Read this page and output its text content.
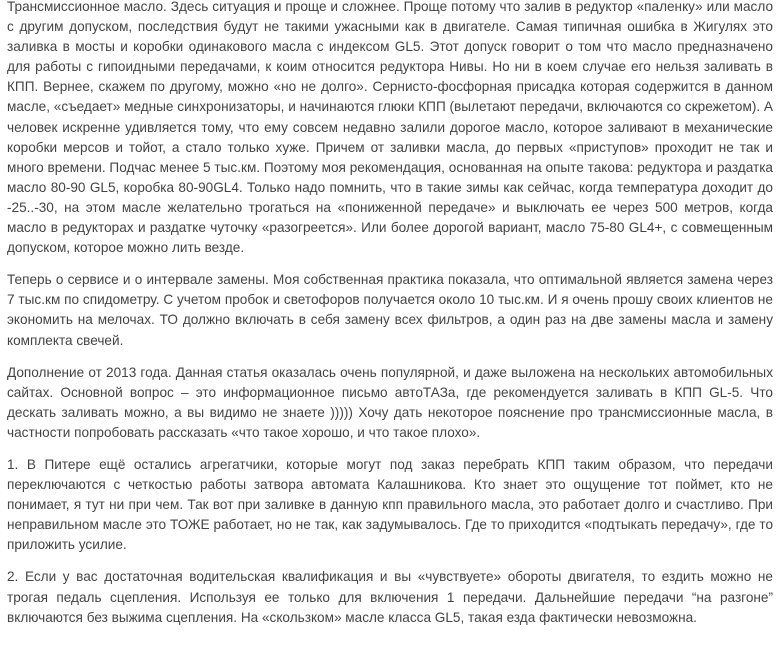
Трансмиссионное масло. Здесь ситуация и проще и сложнее. Проще потому что залив в редуктор «паленку» или масло с другим допуском, последствия будут не такими ужасными как в двигателе. Самая типичная ошибка в Жигулях это заливка в мосты и коробки одинакового масла с индексом GL5. Этот допуск говорит о том что масло предназначено для работы с гипоидными передачами, к коим относится редуктора Нивы. Но ни в коем случае его нельзя заливать в КПП. Вернее, скажем по другому, можно «но не долго». Сернисто-фосфорная присадка которая содержится в данном масле, «съедает» медные синхронизаторы, и начинаются глюки КПП (вылетают передачи, включаются со скрежетом). А человек искренне удивляется тому, что ему совсем недавно залили дорогое масло, которое заливают в механические коробки мерсов и тойот, а стало только хуже. Причем от заливки масла, до первых «приступов» проходит не так и много времени. Подчас менее 5 тыс.км. Поэтому моя рекомендация, основанная на опыте такова: редуктора и раздатка масло 80-90 GL5, коробка 80-90GL4. Только надо помнить, что в такие зимы как сейчас, когда температура доходит до -25..-30, на этом масле желательно трогаться на «пониженной передаче» и выключать ее через 500 метров, когда масло в редукторах и раздатке чуточку «разогреется». Или более дорогой вариант, масло 75-80 GL4+, с совмещенным допуском, которое можно лить везде.

Теперь о сервисе и о интервале замены. Моя собственная практика показала, что оптимальной является замена через 7 тыс.км по спидометру. С учетом пробок и светофоров получается около 10 тыс.км. И я очень прошу своих клиентов не экономить на мелочах. ТО должно включать в себя замену всех фильтров, а один раз на две замены масла и замену комплекта свечей.

Дополнение от 2013 года. Данная статья оказалась очень популярной, и даже выложена на нескольких автомобильных сайтах. Основной вопрос – это информационное письмо автоТАЗа, где рекомендуется заливать в КПП GL-5. Что дескать заливать можно, а вы видимо не знаете ))))) Хочу дать некоторое пояснение про трансмиссионные масла, в частности попробовать рассказать «что такое хорошо, и что такое плохо».

1. В Питере ещё остались агрегатчики, которые могут под заказ перебрать КПП таким образом, что передачи переключаются с четкостью работы затвора автомата Калашникова. Кто знает это ощущение тот поймет, кто не понимает, я тут ни при чем. Так вот при заливке в данную кпп правильного масла, это работает долго и счастливо. При неправильном масле это ТОЖЕ работает, но не так, как задумывалось. Где то приходится «подтыкать передачу», где то приложить усилие.

2. Если у вас достаточная водительская квалификация и вы «чувствуете» обороты двигателя, то ездить можно не трогая педаль сцепления. Используя ее только для включения 1 передачи. Дальнейшие передачи “на разгоне” включаются без выжима сцепления. На «скользком» масле класса GL5, такая езда фактически невозможна.
